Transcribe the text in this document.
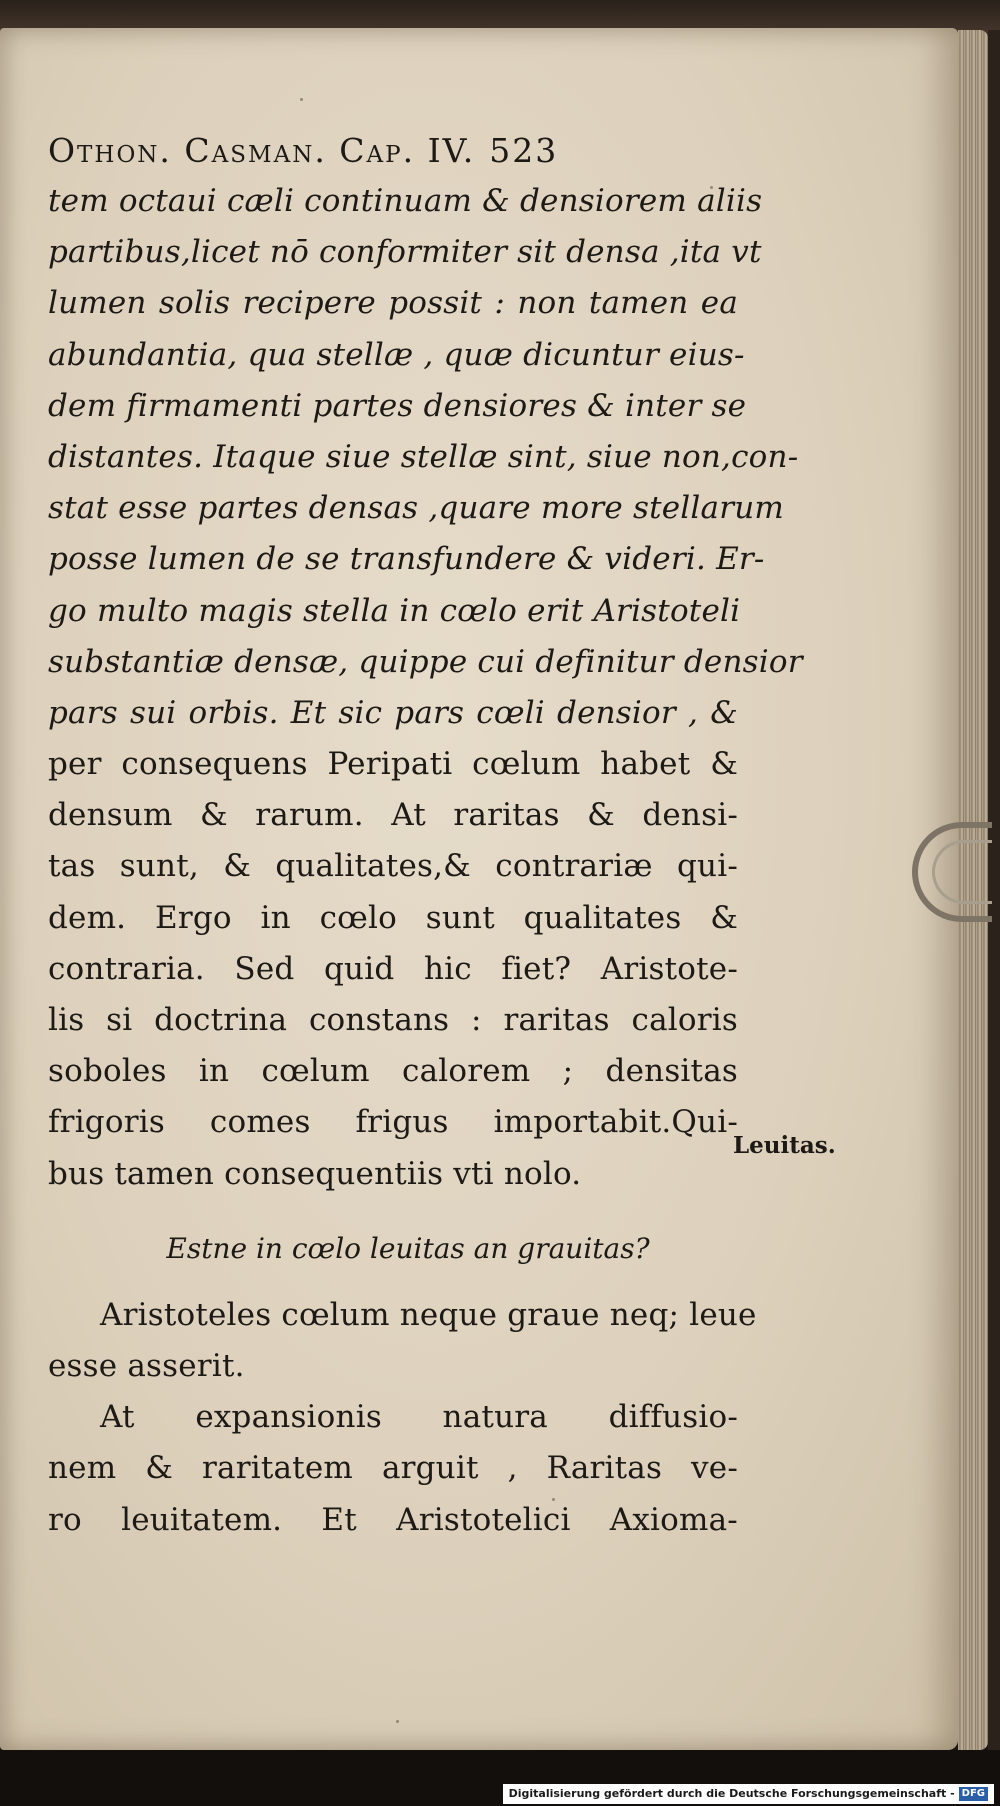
Othon. Casman. Cap. IV. 523
tem octaui cæli continuam & densiorem aliis
partibus,licet nō conformiter sit densa ,ita vt
lumen solis recipere possit : non tamen ea
abundantia, qua stellæ , quæ dicuntur eius-
dem firmamenti partes densiores & inter se
distantes. Itaque siue stellæ sint, siue non,con-
stat esse partes densas ,quare more stellarum
posse lumen de se transfundere & videri. Er-
go multo magis stella in cœlo erit Aristoteli
substantiæ densæ, quippe cui definitur densior
pars sui orbis. Et sic pars cœli densior , &
per consequens Peripati cœlum habet &
densum & rarum. At raritas & densi-
tas sunt, & qualitates,& contrariæ qui-
dem. Ergo in cœlo sunt qualitates &
contraria. Sed quid hic fiet? Aristote-
lis si doctrina constans : raritas caloris
soboles in cœlum calorem ; densitas
frigoris comes frigus importabit.Qui-
bus tamen consequentiis vti nolo.
Estne in cœlo leuitas an grauitas?
Aristoteles cœlum neque graue neq; leue
esse asserit.
At expansionis natura diffusio-
nem & raritatem arguit , Raritas ve-
ro leuitatem. Et Aristotelici Axioma-
Leuitas.
Digitalisierung gefördert durch die Deutsche Forschungsgemeinschaft - DFG
